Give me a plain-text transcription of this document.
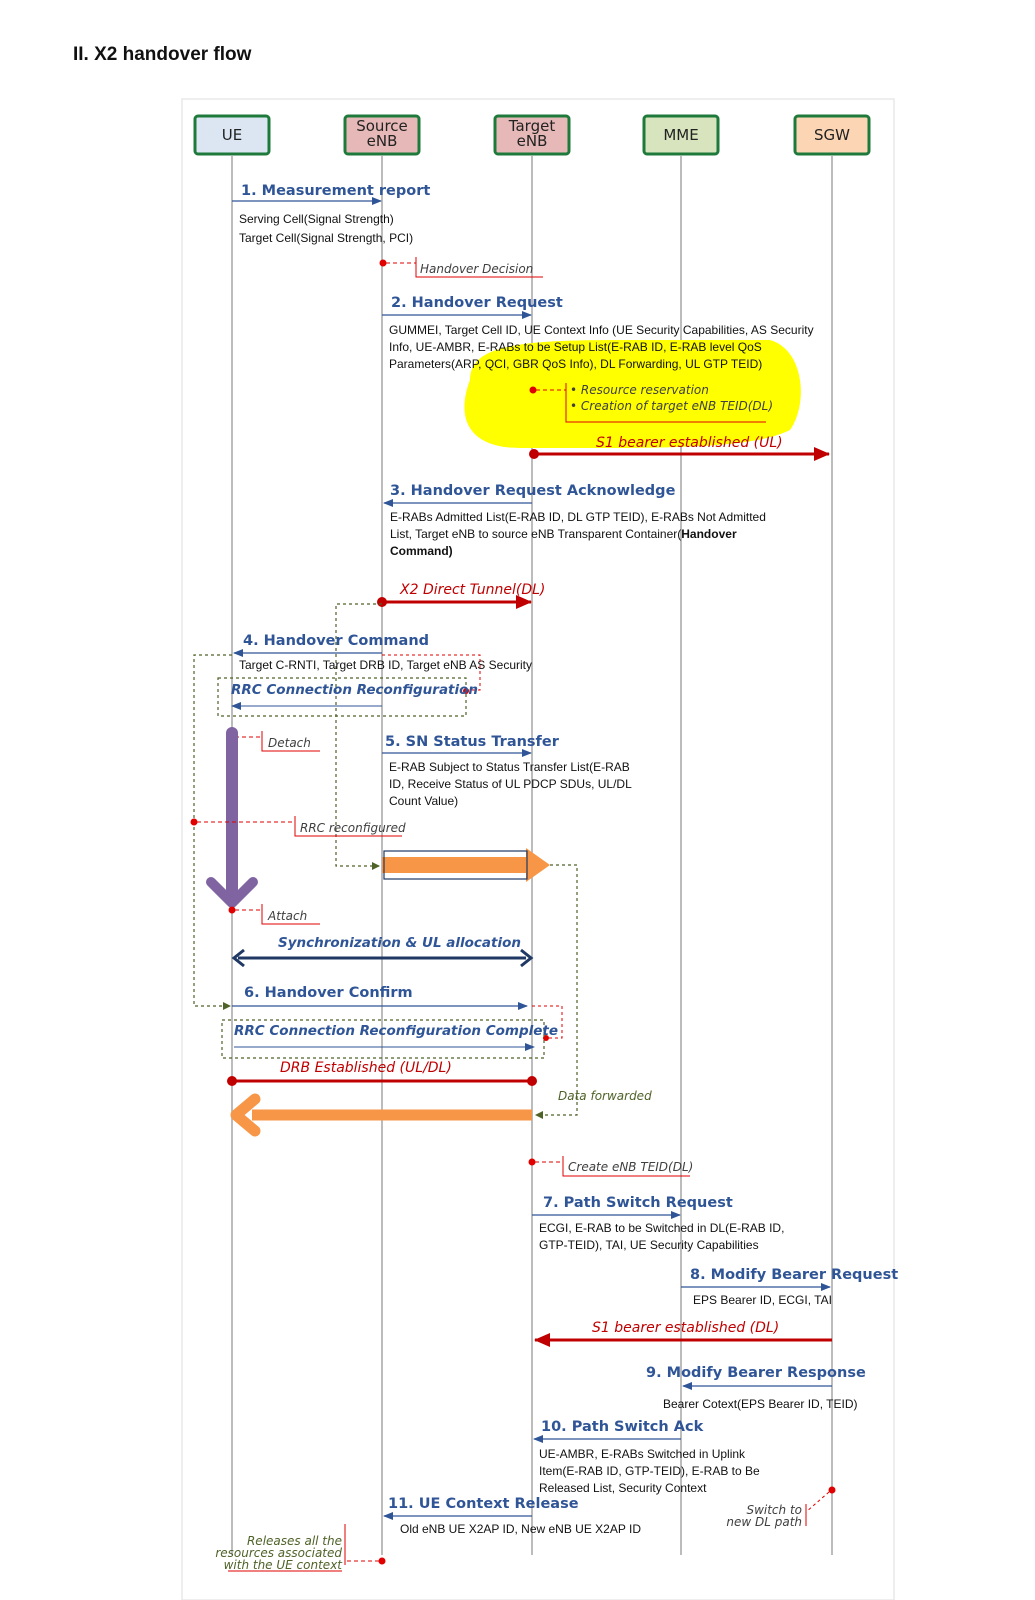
II. X2 handover flow
UE	Source
eNB
Target
eNB	MME	SGW
1. Measurement report
Serving Cell(Signal Strength)
Target Cell(Signal Strength, PCI)
Handover Decision
2. Handover Request
GUMMEI, Target Cell ID, UE Context Info (UE Security Capabilities, AS Security
Info, UE-AMBR, E-RABs to be Setup List(E-RAB ID, E-RAB level QoS
Parameters(ARP, QCI, GBR QoS Info), DL Forwarding, UL GTP TEID)
• Resource reservation
• Creation of target eNB TEID(DL)
S1 bearer established (UL)
3. Handover Request Acknowledge
E-RABs Admitted List(E-RAB ID, DL GTP TEID), E-RABs Not Admitted
List, Target eNB to source eNB Transparent Container(Handover
Command)
X2 Direct Tunnel(DL)
4. Handover Command
Target C-RNTI, Target DRB ID, Target eNB AS Security
RRC Connection Reconfiguration
Detach	5. SN Status Transfer
E-RAB Subject to Status Transfer List(E-RAB
ID, Receive Status of UL PDCP SDUs, UL/DL
Count Value)
RRC reconfigured
Attach
Synchronization & UL allocation
6. Handover Confirm
RRC Connection Reconfiguration Complete
DRB Established (UL/DL)
Data forwarded
Create eNB TEID(DL)
7. Path Switch Request
ECGI, E-RAB to be Switched in DL(E-RAB ID,
GTP-TEID), TAI, UE Security Capabilities
8. Modify Bearer Request
EPS Bearer ID, ECGI, TAI
S1 bearer established (DL)
9. Modify Bearer Response
Bearer Cotext(EPS Bearer ID, TEID)
10. Path Switch Ack
UE-AMBR, E-RABs Switched in Uplink
Item(E-RAB ID, GTP-TEID), E-RAB to Be
Released List, Security Context
Switch to
new DL path
11. UE Context Release
Old eNB UE X2AP ID, New eNB UE X2AP ID
Releases all the
resources associated
with the UE context
